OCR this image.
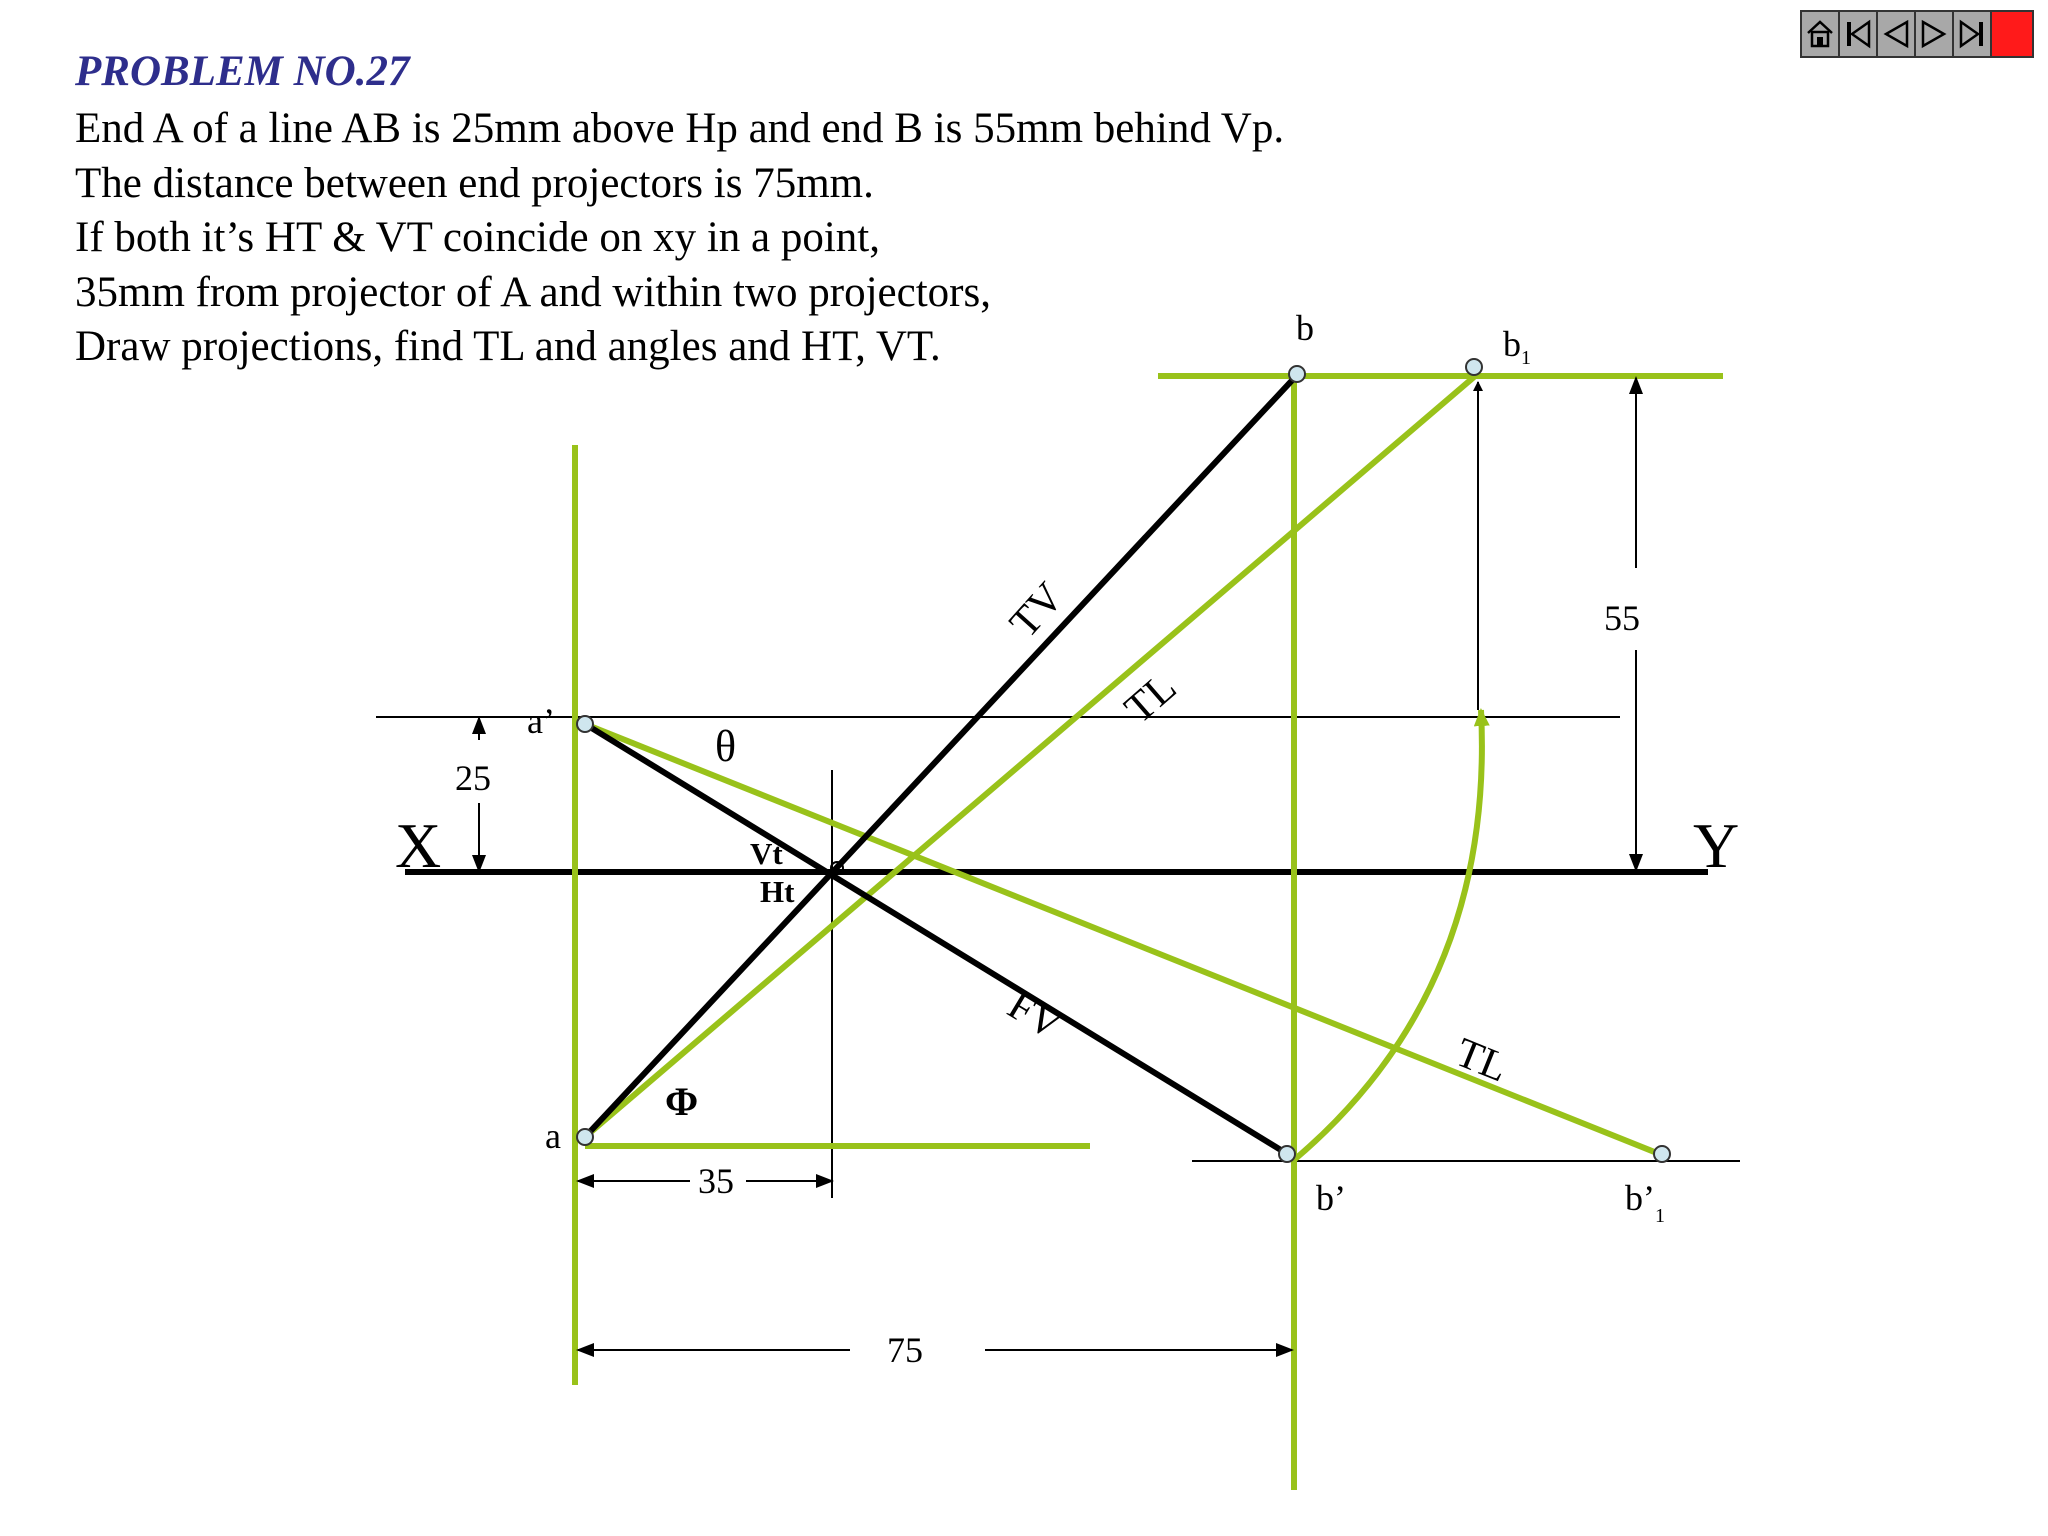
PROBLEM NO.27
End A of a line AB is 25mm above Hp and end B is 55mm behind Vp.
The distance between end projectors is 75mm.
If both it’s HT & VT coincide on xy in a point,
35mm from projector of A and within two projectors,
Draw projections, find TL and angles and HT, VT.
X	Y
a’
a
b	$b_1$
b’	$b’_1$
TV
TL
FV
TL
θ
Φ
Vt
Ht
25
35
55
75
